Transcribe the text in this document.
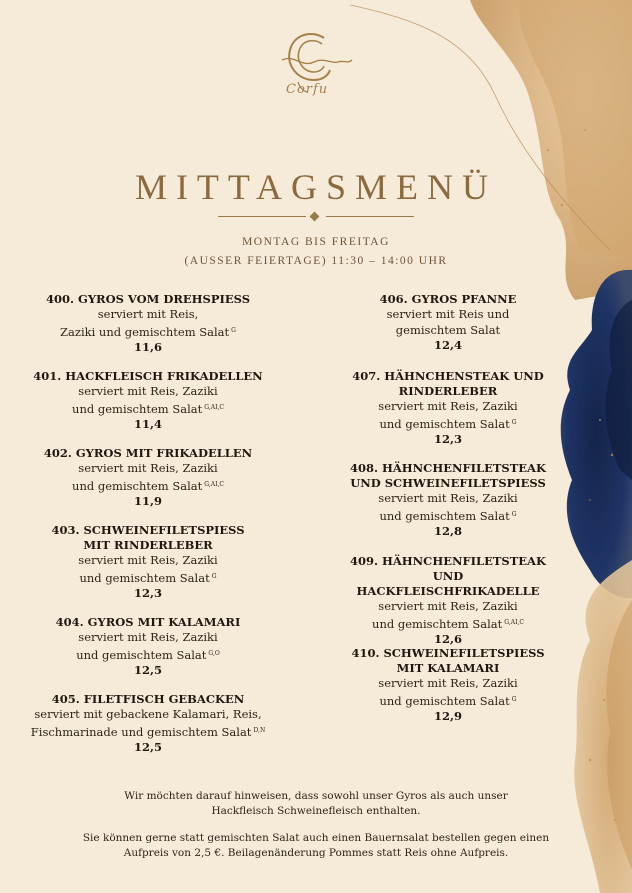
Corfu
MITTAGSMENÜ
MONTAG BIS FREITAG
(AUSSER FEIERTAGE) 11:30 – 14:00 UHR
400. GYROS VOM DREHSPIESS
serviert mit Reis,
Zaziki und gemischtem Salat $^G$
11,6
401. HACKFLEISCH FRIKADELLEN
serviert mit Reis, Zaziki
und gemischtem Salat $^{G,AI,C}$
11,4
402. GYROS MIT FRIKADELLEN
serviert mit Reis, Zaziki
und gemischtem Salat $^{G,AI,C}$
11,9
403. SCHWEINEFILETSPIESS
MIT RINDERLEBER
serviert mit Reis, Zaziki
und gemischtem Salat $^G$
12,3
404. GYROS MIT KALAMARI
serviert mit Reis, Zaziki
und gemischtem Salat $^{G,O}$
12,5
405. FILETFISCH GEBACKEN
serviert mit gebackene Kalamari, Reis,
Fischmarinade und gemischtem Salat $^{D,N}$
12,5
406. GYROS PFANNE
serviert mit Reis und
gemischtem Salat
12,4
407. HÄHNCHENSTEAK UND
RINDERLEBER
serviert mit Reis, Zaziki
und gemischtem Salat $^G$
12,3
408. HÄHNCHENFILETSTEAK
UND SCHWEINEFILETSPIESS
serviert mit Reis, Zaziki
und gemischtem Salat $^G$
12,8
409. HÄHNCHENFILETSTEAK UND
HACKFLEISCHFRIKADELLE
serviert mit Reis, Zaziki
und gemischtem Salat $^{G,AI,C}$
12,6
410. SCHWEINEFILETSPIESS
MIT KALAMARI
serviert mit Reis, Zaziki
und gemischtem Salat $^G$
12,9
Wir möchten darauf hinweisen, dass sowohl unser Gyros als auch unser
Hackfleisch Schweinefleisch enthalten.
Sie können gerne statt gemischten Salat auch einen Bauernsalat bestellen gegen einen
Aufpreis von 2,5 €. Beilagenänderung Pommes statt Reis ohne Aufpreis.
